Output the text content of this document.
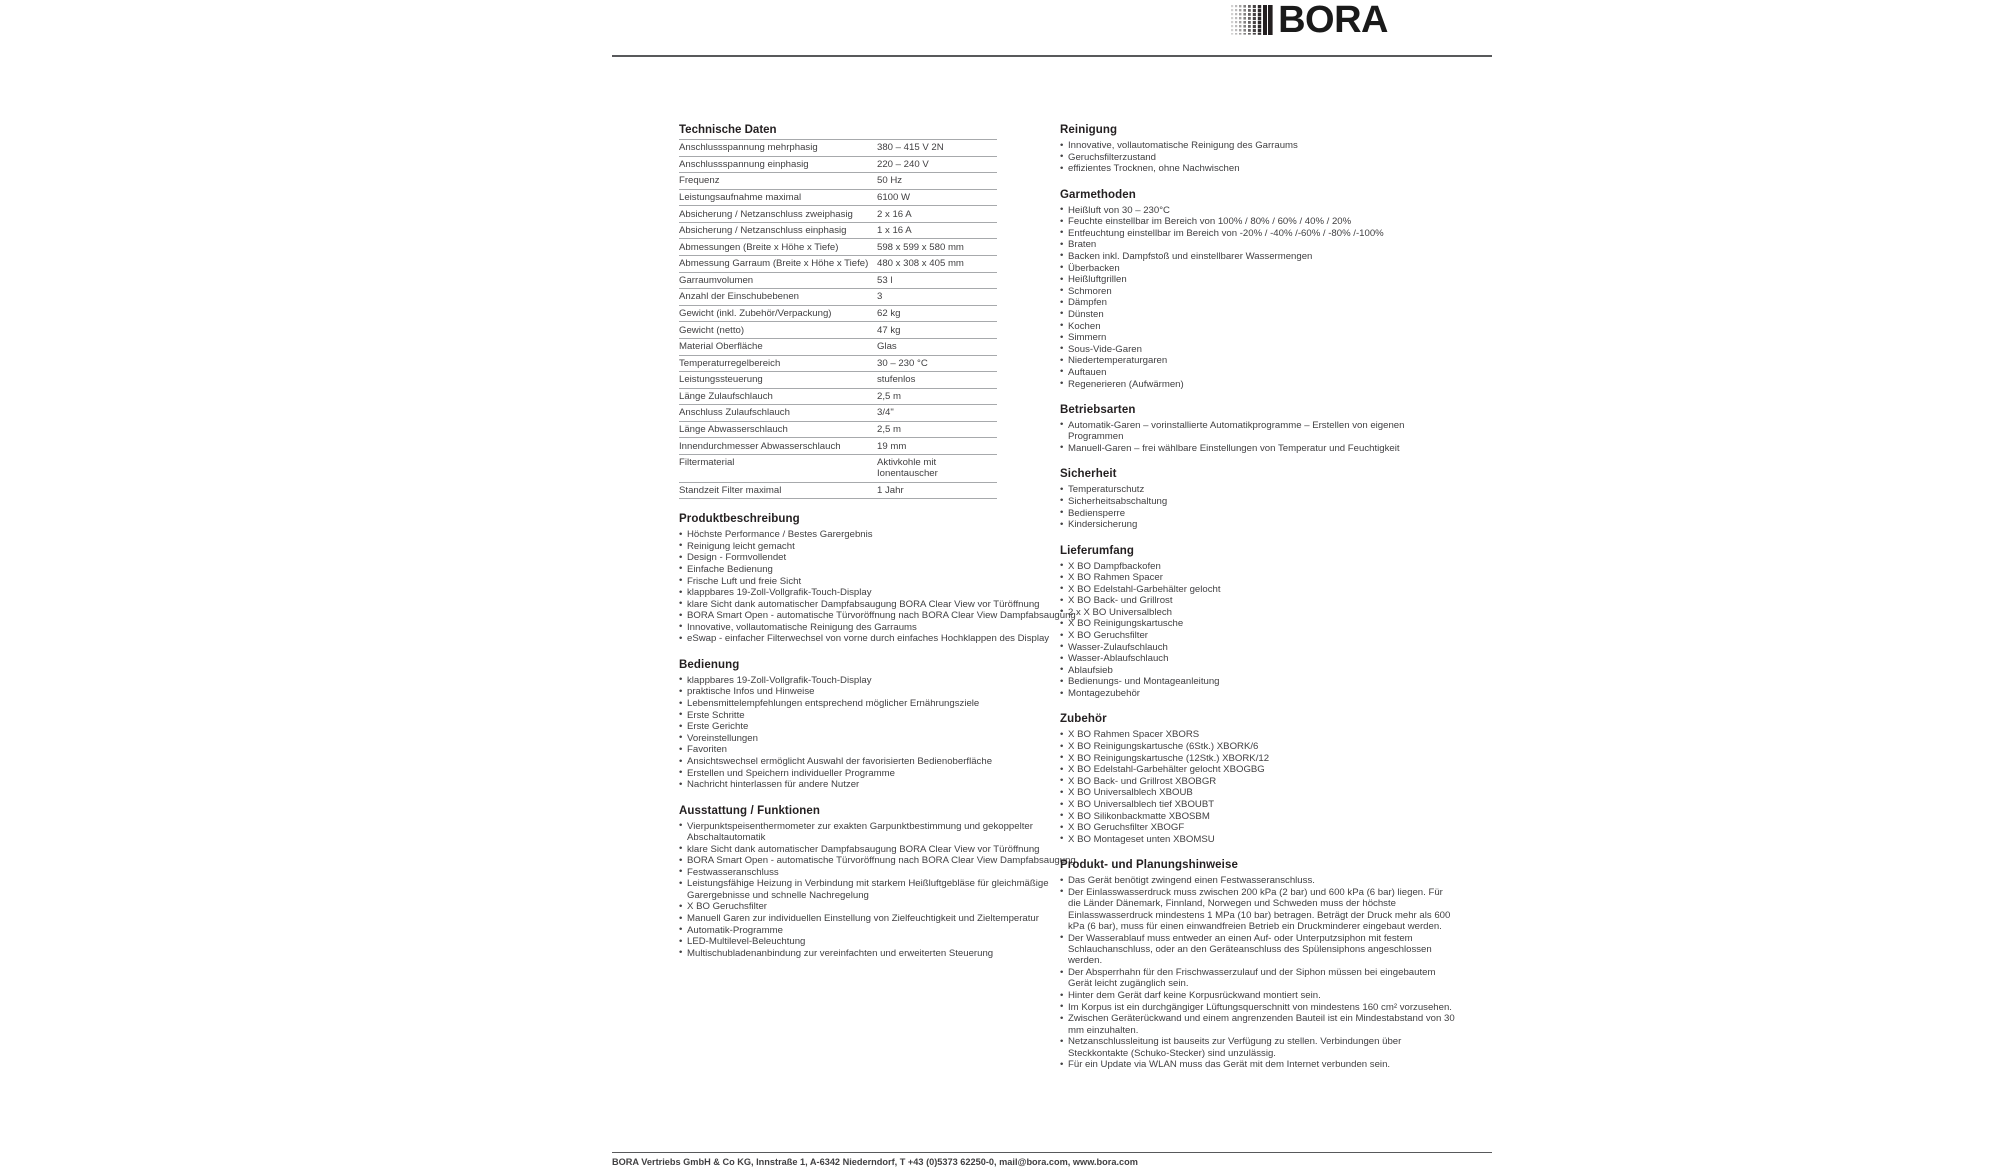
BORA
Technische Daten
Anschlussspannung mehrphasig	380 – 415 V 2N
Anschlussspannung einphasig	220 – 240 V
Frequenz	50 Hz
Leistungsaufnahme maximal	6100 W
Absicherung / Netzanschluss zweiphasig	2 x 16 A
Absicherung / Netzanschluss einphasig	1 x 16 A
Abmessungen (Breite x Höhe x Tiefe)	598 x 599 x 580 mm
Abmessung Garraum (Breite x Höhe x Tiefe)	480 x 308 x 405 mm
Garraumvolumen	53 l
Anzahl der Einschubebenen	3
Gewicht (inkl. Zubehör/Verpackung)	62 kg
Gewicht (netto)	47 kg
Material Oberfläche	Glas
Temperaturregelbereich	30 – 230 °C
Leistungssteuerung	stufenlos
Länge Zulaufschlauch	2,5 m
Anschluss Zulaufschlauch	3/4"
Länge Abwasserschlauch	2,5 m
Innendurchmesser Abwasserschlauch	19 mm
Filtermaterial	Aktivkohle mit Ionentauscher
Standzeit Filter maximal	1 Jahr
Produktbeschreibung
• Höchste Performance / Bestes Garergebnis
• Reinigung leicht gemacht
• Design - Formvollendet
• Einfache Bedienung
• Frische Luft und freie Sicht
• klappbares 19-Zoll-Vollgrafik-Touch-Display
• klare Sicht dank automatischer Dampfabsaugung BORA Clear View vor Türöffnung
• BORA Smart Open - automatische Türvoröffnung nach BORA Clear View Dampfabsaugung
• Innovative, vollautomatische Reinigung des Garraums
• eSwap - einfacher Filterwechsel von vorne durch einfaches Hochklappen des Display
Bedienung
• klappbares 19-Zoll-Vollgrafik-Touch-Display
• praktische Infos und Hinweise
• Lebensmittelempfehlungen entsprechend möglicher Ernährungsziele
• Erste Schritte
• Erste Gerichte
• Voreinstellungen
• Favoriten
• Ansichtswechsel ermöglicht Auswahl der favorisierten Bedienoberfläche
• Erstellen und Speichern individueller Programme
• Nachricht hinterlassen für andere Nutzer
Ausstattung / Funktionen
• Vierpunktspeisenthermometer zur exakten Garpunktbestimmung und gekoppelter Abschaltautomatik
• klare Sicht dank automatischer Dampfabsaugung BORA Clear View vor Türöffnung
• BORA Smart Open - automatische Türvoröffnung nach BORA Clear View Dampfabsaugung
• Festwasseranschluss
• Leistungsfähige Heizung in Verbindung mit starkem Heißluftgebläse für gleichmäßige Garergebnisse und schnelle Nachregelung
• X BO Geruchsfilter
• Manuell Garen zur individuellen Einstellung von Zielfeuchtigkeit und Zieltemperatur
• Automatik-Programme
• LED-Multilevel-Beleuchtung
• Multischubladenanbindung zur vereinfachten und erweiterten Steuerung
Reinigung
• Innovative, vollautomatische Reinigung des Garraums
• Geruchsfilterzustand
• effizientes Trocknen, ohne Nachwischen
Garmethoden
• Heißluft von 30 – 230°C
• Feuchte einstellbar im Bereich von 100% / 80% / 60% / 40% / 20%
• Entfeuchtung einstellbar im Bereich von -20% / -40% /-60% / -80% /-100%
• Braten
• Backen inkl. Dampfstoß und einstellbarer Wassermengen
• Überbacken
• Heißluftgrillen
• Schmoren
• Dämpfen
• Dünsten
• Kochen
• Simmern
• Sous-Vide-Garen
• Niedertemperaturgaren
• Auftauen
• Regenerieren (Aufwärmen)
Betriebsarten
• Automatik-Garen – vorinstallierte Automatikprogramme – Erstellen von eigenen Programmen
• Manuell-Garen – frei wählbare Einstellungen von Temperatur und Feuchtigkeit
Sicherheit
• Temperaturschutz
• Sicherheitsabschaltung
• Bediensperre
• Kindersicherung
Lieferumfang
• X BO Dampfbackofen
• X BO Rahmen Spacer
• X BO Edelstahl-Garbehälter gelocht
• X BO Back- und Grillrost
• 2 x X BO Universalblech
• X BO Reinigungskartusche
• X BO Geruchsfilter
• Wasser-Zulaufschlauch
• Wasser-Ablaufschlauch
• Ablaufsieb
• Bedienungs- und Montageanleitung
• Montagezubehör
Zubehör
• X BO Rahmen Spacer XBORS
• X BO Reinigungskartusche (6Stk.) XBORK/6
• X BO Reinigungskartusche (12Stk.) XBORK/12
• X BO Edelstahl-Garbehälter gelocht XBOGBG
• X BO Back- und Grillrost XBOBGR
• X BO Universalblech XBOUB
• X BO Universalblech tief XBOUBT
• X BO Silikonbackmatte XBOSBM
• X BO Geruchsfilter XBOGF
• X BO Montageset unten XBOMSU
Produkt- und Planungshinweise
• Das Gerät benötigt zwingend einen Festwasseranschluss.
• Der Einlasswasserdruck muss zwischen 200 kPa (2 bar) und 600 kPa (6 bar) liegen. Für die Länder Dänemark, Finnland, Norwegen und Schweden muss der höchste Einlasswasserdruck mindestens 1 MPa (10 bar) betragen. Beträgt der Druck mehr als 600 kPa (6 bar), muss für einen einwandfreien Betrieb ein Druckminderer eingebaut werden.
• Der Wasserablauf muss entweder an einen Auf- oder Unterputzsiphon mit festem Schlauchanschluss, oder an den Geräteanschluss des Spülensiphons angeschlossen werden.
• Der Absperrhahn für den Frischwasserzulauf und der Siphon müssen bei eingebautem Gerät leicht zugänglich sein.
• Hinter dem Gerät darf keine Korpusrückwand montiert sein.
• Im Korpus ist ein durchgängiger Lüftungsquerschnitt von mindestens 160 cm² vorzusehen.
• Zwischen Geräterückwand und einem angrenzenden Bauteil ist ein Mindestabstand von 30 mm einzuhalten.
• Netzanschlussleitung ist bauseits zur Verfügung zu stellen. Verbindungen über Steckkontakte (Schuko-Stecker) sind unzulässig.
• Für ein Update via WLAN muss das Gerät mit dem Internet verbunden sein.
BORA Vertriebs GmbH & Co KG, Innstraße 1, A-6342 Niederndorf, T +43 (0)5373 62250-0, mail@bora.com, www.bora.com
